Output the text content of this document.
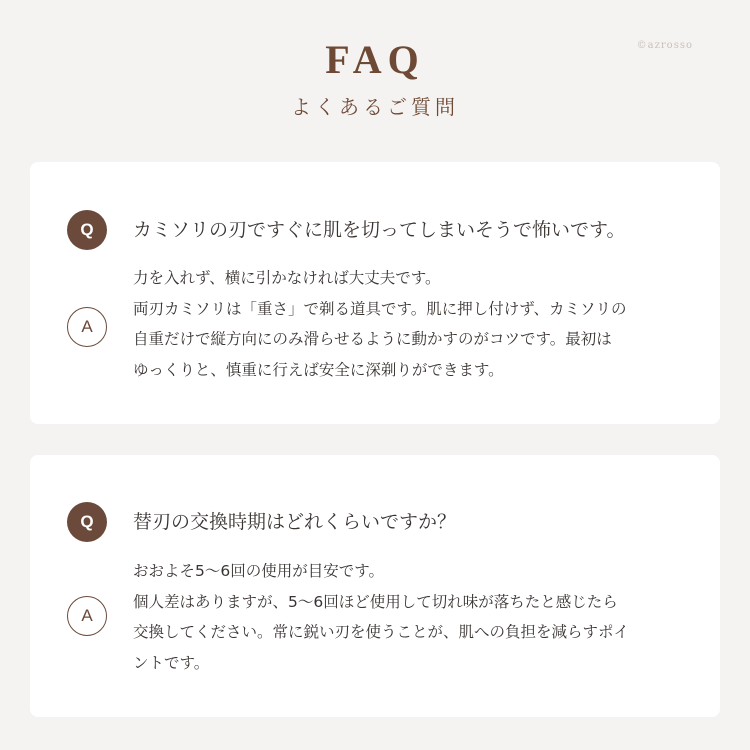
©azrosso
FAQ
よくあるご質問
Q	カミソリの刃ですぐに肌を切ってしまいそうで怖いです。
A
力を入れず、横に引かなければ大丈夫です。
両刃カミソリは「重さ」で剃る道具です。肌に押し付けず、カミソリの
自重だけで縦方向にのみ滑らせるように動かすのがコツです。最初は
ゆっくりと、慎重に行えば安全に深剃りができます。
Q	替刃の交換時期はどれくらいですか？
A
おおよそ5〜6回の使用が目安です。
個人差はありますが、5〜6回ほど使用して切れ味が落ちたと感じたら
交換してください。常に鋭い刃を使うことが、肌への負担を減らすポイ
ントです。
